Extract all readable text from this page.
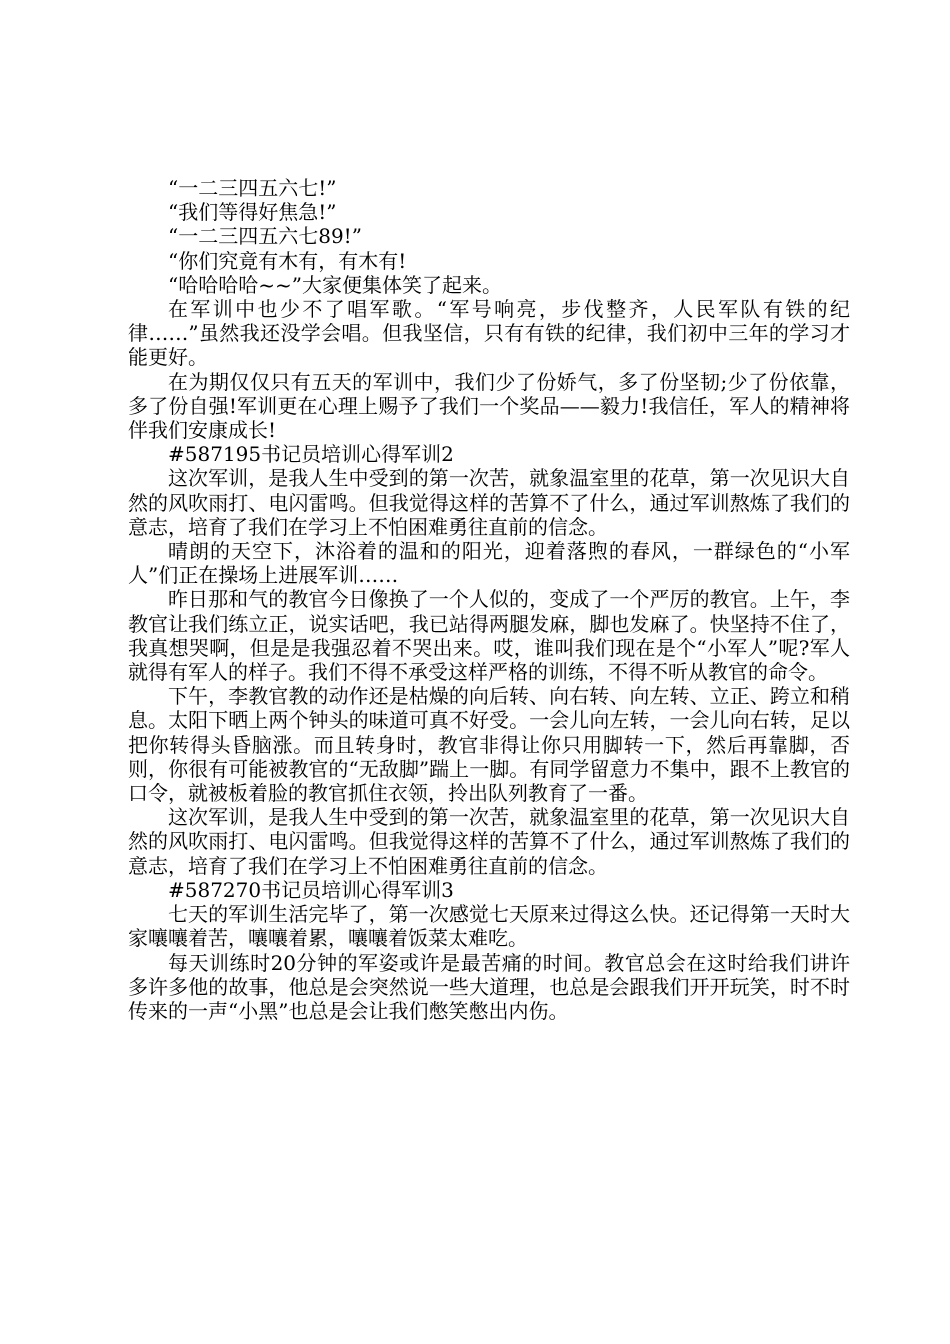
“一二三四五六七!”

“我们等得好焦急!”

“一二三四五六七89!”

“你们究竟有木有，有木有!

“哈哈哈哈~~”大家便集体笑了起来。

在军训中也少不了唱军歌。“军号响亮，步伐整齐，人民军队有铁的纪律……”虽然我还没学会唱。但我坚信，只有有铁的纪律，我们初中三年的学习才能更好。

在为期仅仅只有五天的军训中，我们少了份娇气，多了份坚韧;少了份依靠，多了份自强!军训更在心理上赐予了我们一个奖品——毅力!我信任，军人的精神将伴我们安康成长!

#587195书记员培训心得军训2

这次军训，是我人生中受到的第一次苦，就象温室里的花草，第一次见识大自然的风吹雨打、电闪雷鸣。但我觉得这样的苦算不了什么，通过军训熬炼了我们的意志，培育了我们在学习上不怕困难勇往直前的信念。

晴朗的天空下，沐浴着的温和的阳光，迎着落煦的春风，一群绿色的“小军人”们正在操场上进展军训……

昨日那和气的教官今日像换了一个人似的，变成了一个严厉的教官。上午，李教官让我们练立正，说实话吧，我已站得两腿发麻，脚也发麻了。快坚持不住了，我真想哭啊，但是是我强忍着不哭出来。哎，谁叫我们现在是个“小军人”呢?军人就得有军人的样子。我们不得不承受这样严格的训练，不得不听从教官的命令。

下午，李教官教的动作还是枯燥的向后转、向右转、向左转、立正、跨立和稍息。太阳下晒上两个钟头的味道可真不好受。一会儿向左转，一会儿向右转，足以把你转得头昏脑涨。而且转身时，教官非得让你只用脚转一下，然后再靠脚，否则，你很有可能被教官的“无敌脚”踹上一脚。有同学留意力不集中，跟不上教官的口令，就被板着脸的教官抓住衣领，拎出队列教育了一番。

这次军训，是我人生中受到的第一次苦，就象温室里的花草，第一次见识大自然的风吹雨打、电闪雷鸣。但我觉得这样的苦算不了什么，通过军训熬炼了我们的意志，培育了我们在学习上不怕困难勇往直前的信念。

#587270书记员培训心得军训3

七天的军训生活完毕了，第一次感觉七天原来过得这么快。还记得第一天时大家嚷嚷着苦，嚷嚷着累，嚷嚷着饭菜太难吃。

每天训练时20分钟的军姿或许是最苦痛的时间。教官总会在这时给我们讲许多许多他的故事，他总是会突然说一些大道理，也总是会跟我们开开玩笑，时不时传来的一声“小黑”也总是会让我们憋笑憋出内伤。
